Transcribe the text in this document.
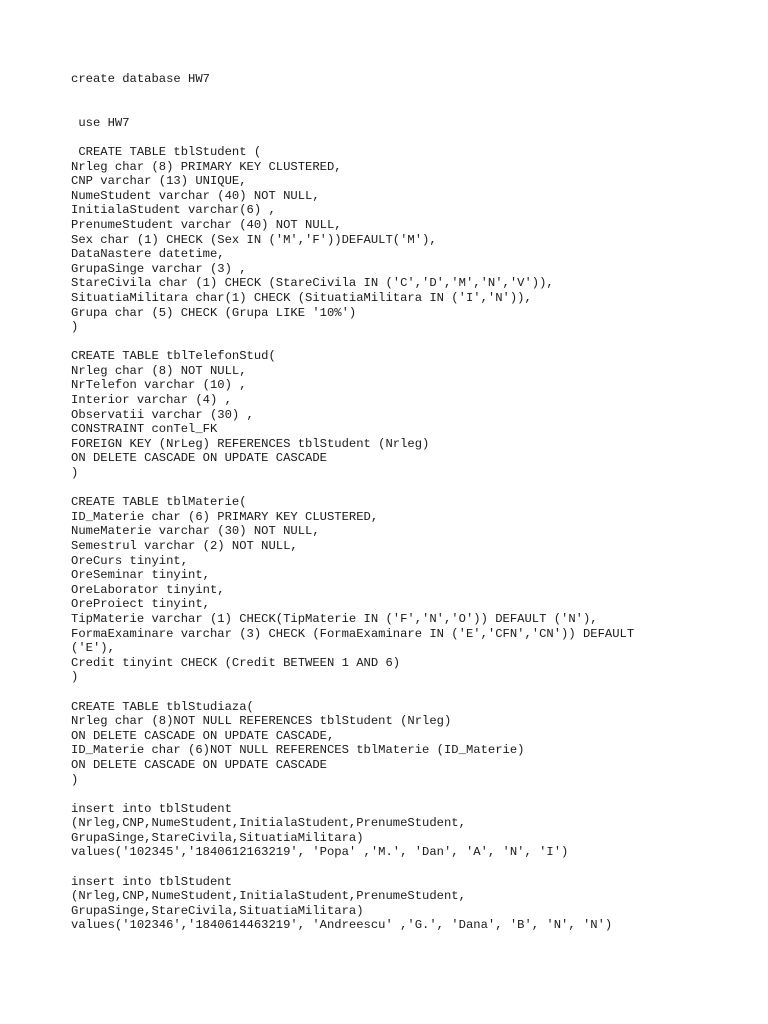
create database HW7
use HW7
CREATE TABLE tblStudent (
Nrleg char (8) PRIMARY KEY CLUSTERED,
CNP varchar (13) UNIQUE,
NumeStudent varchar (40) NOT NULL,
InitialaStudent varchar(6) ,
PrenumeStudent varchar (40) NOT NULL,
Sex char (1) CHECK (Sex IN ('M','F'))DEFAULT('M'),
DataNastere datetime,
GrupaSinge varchar (3) ,
StareCivila char (1) CHECK (StareCivila IN ('C','D','M','N','V')),
SituatiaMilitara char(1) CHECK (SituatiaMilitara IN ('I','N')),
Grupa char (5) CHECK (Grupa LIKE '10%')
)
CREATE TABLE tblTelefonStud(
Nrleg char (8) NOT NULL,
NrTelefon varchar (10) ,
Interior varchar (4) ,
Observatii varchar (30) ,
CONSTRAINT conTel_FK
FOREIGN KEY (NrLeg) REFERENCES tblStudent (Nrleg)
ON DELETE CASCADE ON UPDATE CASCADE
)
CREATE TABLE tblMaterie(
ID_Materie char (6) PRIMARY KEY CLUSTERED,
NumeMaterie varchar (30) NOT NULL,
Semestrul varchar (2) NOT NULL,
OreCurs tinyint,
OreSeminar tinyint,
OreLaborator tinyint,
OreProiect tinyint,
TipMaterie varchar (1) CHECK(TipMaterie IN ('F','N','O')) DEFAULT ('N'),
FormaExaminare varchar (3) CHECK (FormaExaminare IN ('E','CFN','CN')) DEFAULT
('E'),
Credit tinyint CHECK (Credit BETWEEN 1 AND 6)
)
CREATE TABLE tblStudiaza(
Nrleg char (8)NOT NULL REFERENCES tblStudent (Nrleg)
ON DELETE CASCADE ON UPDATE CASCADE,
ID_Materie char (6)NOT NULL REFERENCES tblMaterie (ID_Materie)
ON DELETE CASCADE ON UPDATE CASCADE
)
insert into tblStudent
(Nrleg,CNP,NumeStudent,InitialaStudent,PrenumeStudent,
GrupaSinge,StareCivila,SituatiaMilitara)
values('102345','1840612163219', 'Popa' ,'M.', 'Dan', 'A', 'N', 'I')
insert into tblStudent
(Nrleg,CNP,NumeStudent,InitialaStudent,PrenumeStudent,
GrupaSinge,StareCivila,SituatiaMilitara)
values('102346','1840614463219', 'Andreescu' ,'G.', 'Dana', 'B', 'N', 'N')
